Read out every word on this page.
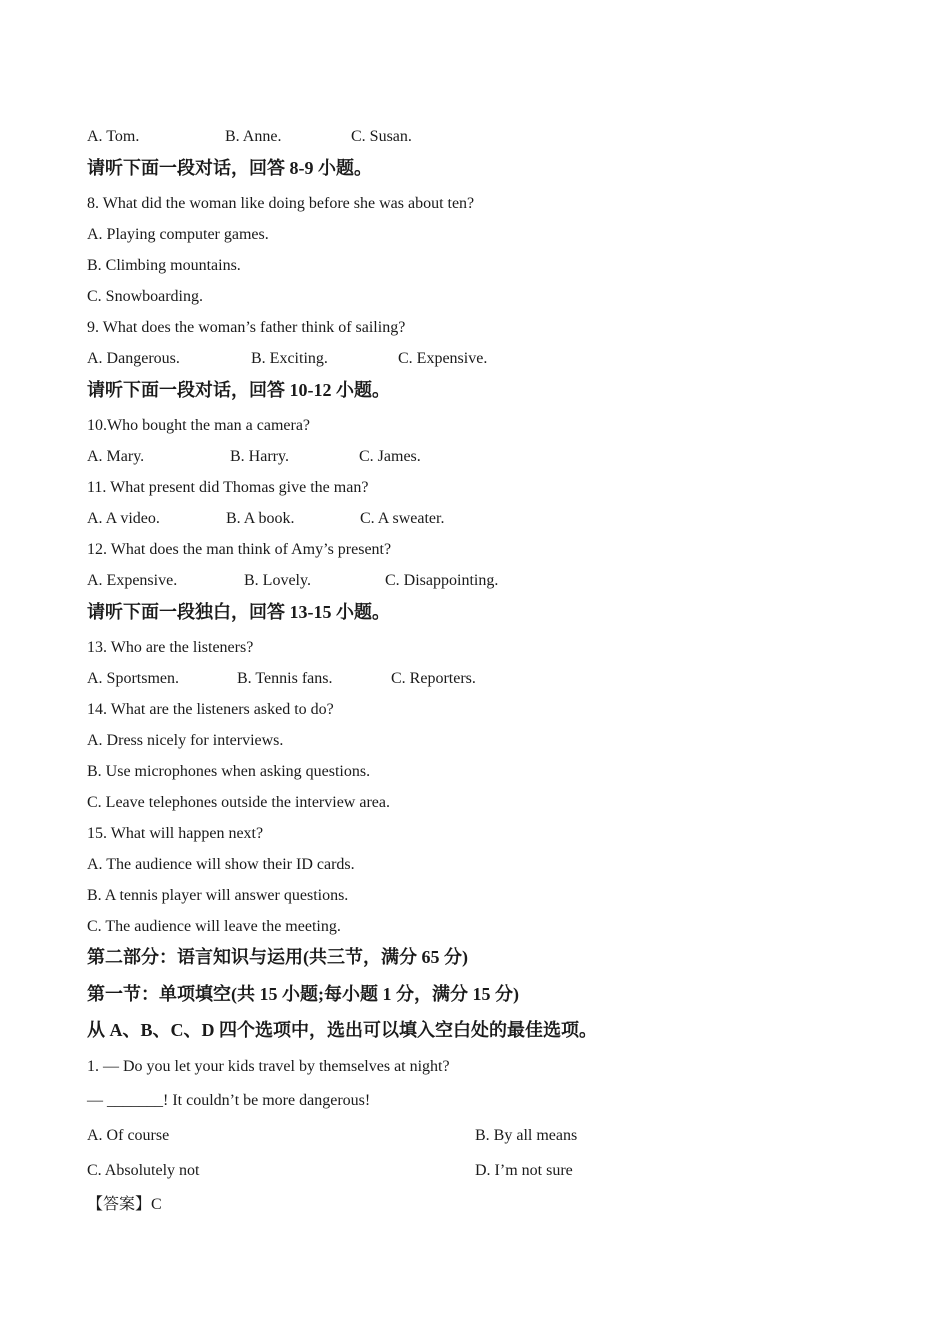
A. Tom.	B. Anne.	C. Susan.
请听下面一段对话，回答 8-9 小题。
8. What did the woman like doing before she was about ten?
A. Playing computer games.
B. Climbing mountains.
C. Snowboarding.
9. What does the woman’s father think of sailing?
A. Dangerous.	B. Exciting.	C. Expensive.
请听下面一段对话，回答 10-12 小题。
10.Who bought the man a camera?
A. Mary.	B. Harry.	C. James.
11. What present did Thomas give the man?
A. A video.	B. A book.	C. A sweater.
12. What does the man think of Amy’s present?
A. Expensive.	B. Lovely.	C. Disappointing.
请听下面一段独白，回答 13-15 小题。
13. Who are the listeners?
A. Sportsmen.	B. Tennis fans.	C. Reporters.
14. What are the listeners asked to do?
A. Dress nicely for interviews.
B. Use microphones when asking questions.
C. Leave telephones outside the interview area.
15. What will happen next?
A. The audience will show their ID cards.
B. A tennis player will answer questions.
C. The audience will leave the meeting.
第二部分：语言知识与运用(共三节，满分 65 分)
第一节：单项填空(共 15 小题;每小题 1 分，满分 15 分)
从 A、B、C、D 四个选项中，选出可以填入空白处的最佳选项。
1. — Do you let your kids travel by themselves at night?
— _______! It couldn’t be more dangerous!
A. Of course	B. By all means
C. Absolutely not	D. I’m not sure
【答案】C
